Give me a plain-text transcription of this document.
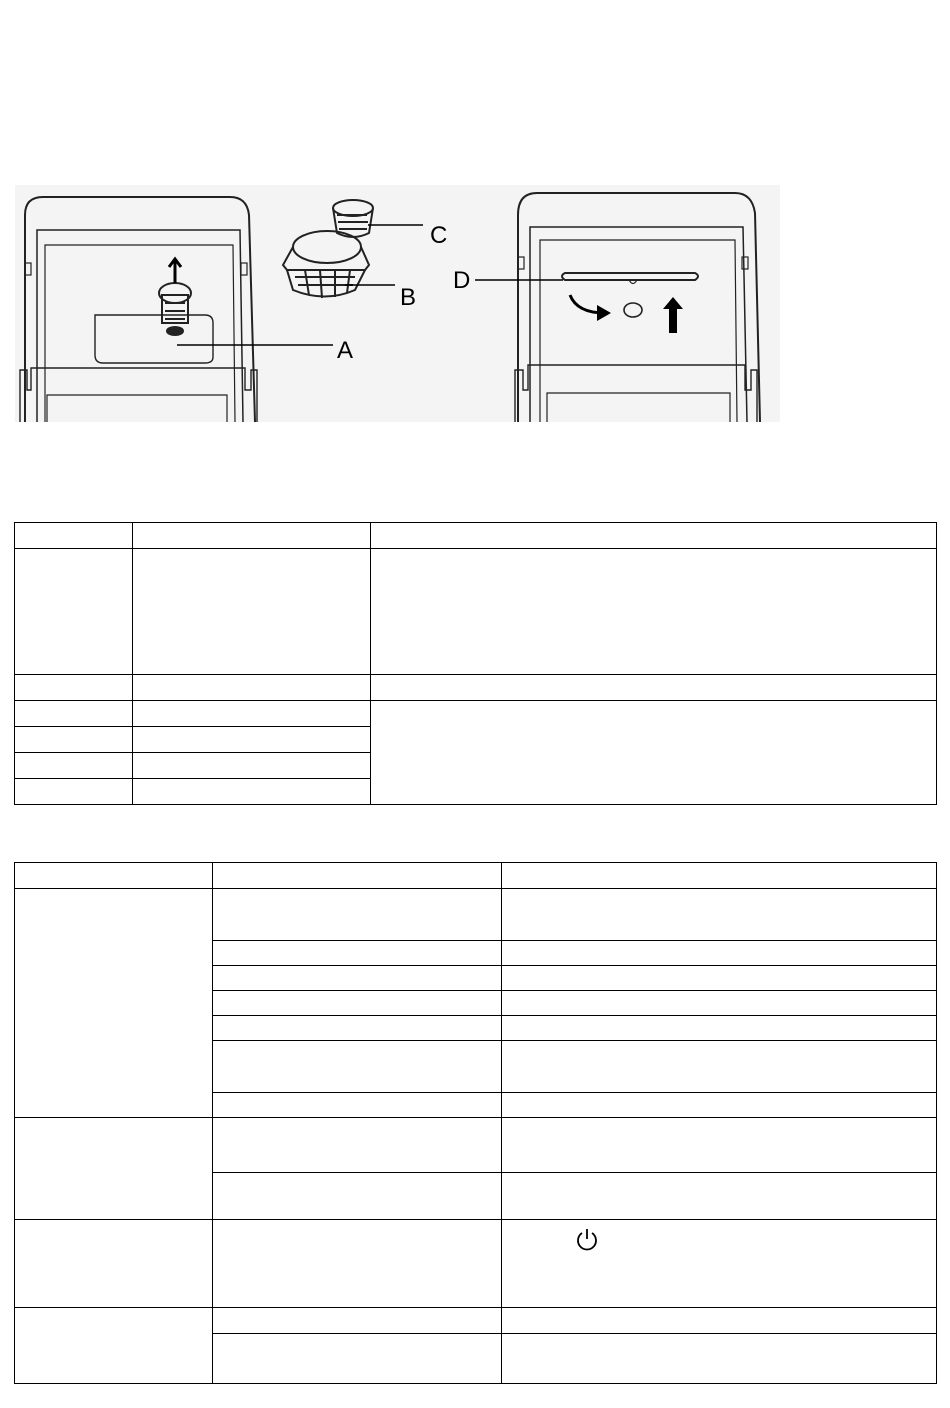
C
B
A
D
